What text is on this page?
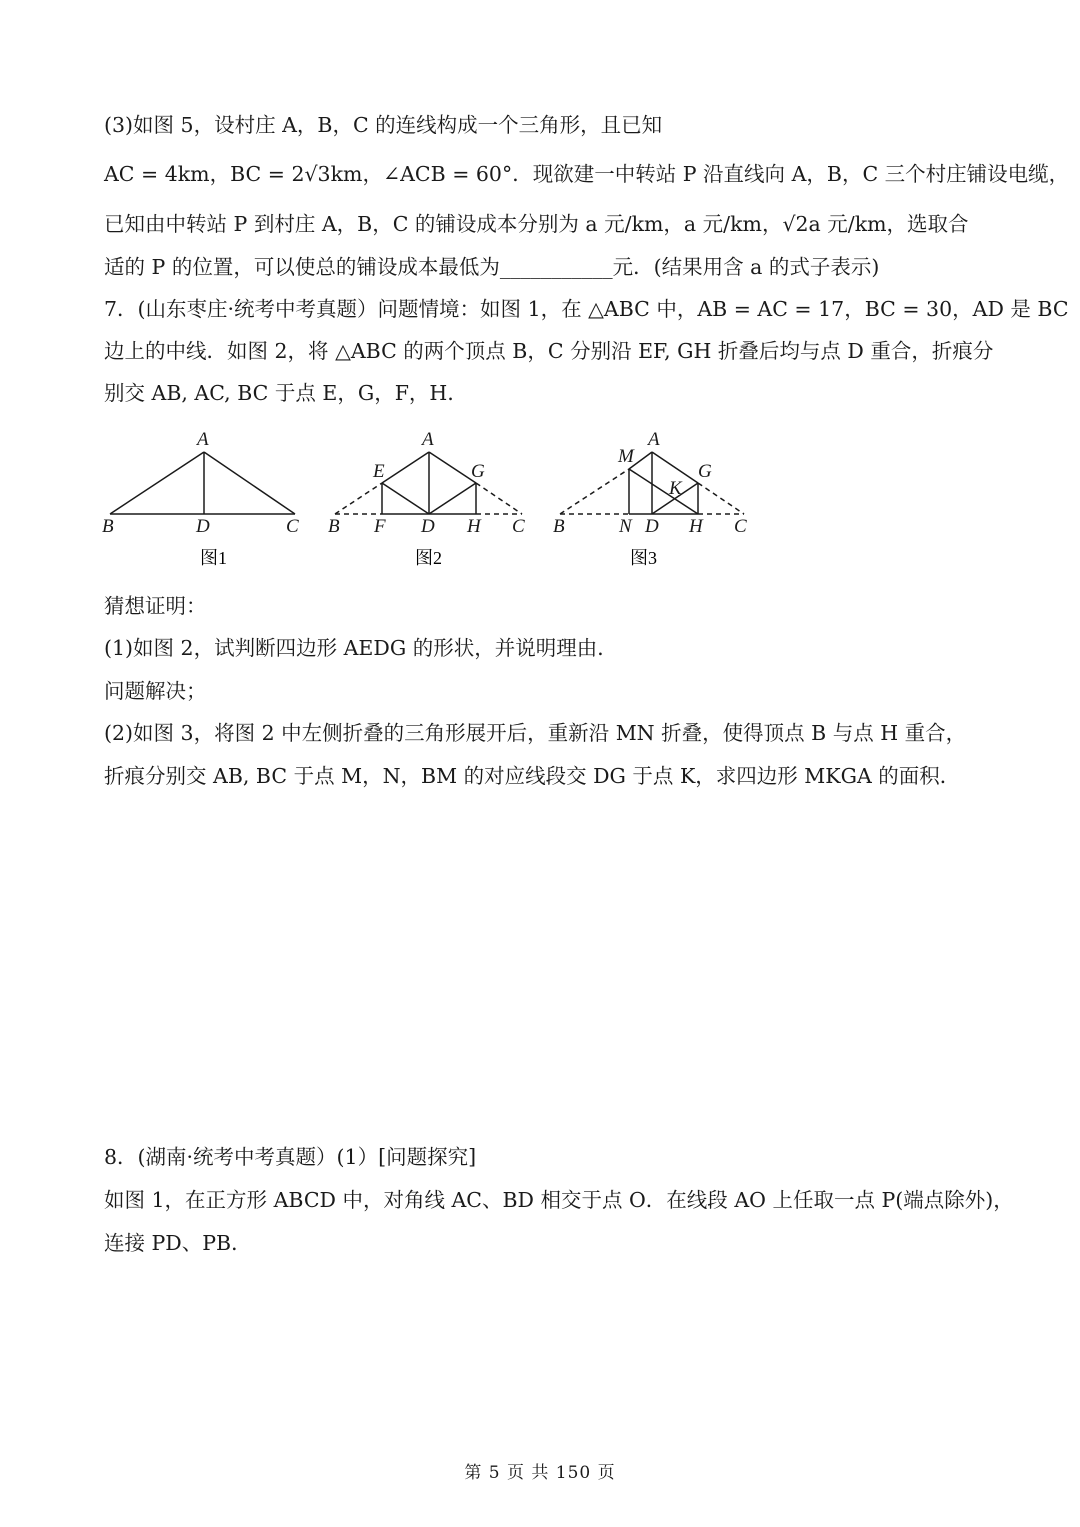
(3)如图 5，设村庄 A，B，C 的连线构成一个三角形，且已知
AC = 4km，BC = 2√3km，∠ACB = 60°．现欲建一中转站 P 沿直线向 A，B，C 三个村庄铺设电缆，
已知由中转站 P 到村庄 A，B，C 的铺设成本分别为 a 元/km，a 元/km，√2a 元/km，选取合
适的 P 的位置，可以使总的铺设成本最低为___________元．(结果用含 a 的式子表示)
7．(山东枣庄·统考中考真题）问题情境：如图 1，在 △ABC 中，AB = AC = 17，BC = 30，AD 是 BC
边上的中线．如图 2，将 △ABC 的两个顶点 B，C 分别沿 EF, GH 折叠后均与点 D 重合，折痕分
别交 AB, AC, BC 于点 E，G，F，H．
A
B	D	C
图1
A
E	G
B F D H C
图2
M
A
G
K
B	N D H C
图3
猜想证明：
(1)如图 2，试判断四边形 AEDG 的形状，并说明理由．
问题解决；
(2)如图 3，将图 2 中左侧折叠的三角形展开后，重新沿 MN 折叠，使得顶点 B 与点 H 重合，
折痕分别交 AB, BC 于点 M，N，BM 的对应线段交 DG 于点 K，求四边形 MKGA 的面积．
8．(湖南·统考中考真题）(1）[问题探究]
如图 1，在正方形 ABCD 中，对角线 AC、BD 相交于点 O．在线段 AO 上任取一点 P(端点除外)，
连接 PD、PB．
第 5 页 共 150 页
